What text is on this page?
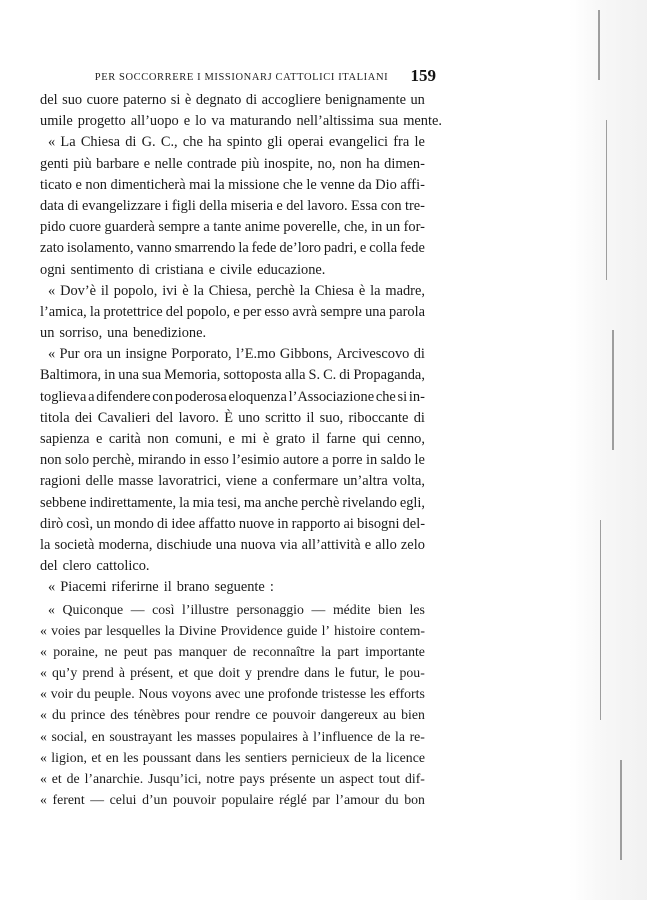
PER SOCCORRERE I MISSIONARJ CATTOLICI ITALIANI	159
del suo cuore paterno si è degnato di accogliere benignamente un
umile progetto all’uopo e lo va maturando nell’altissima sua mente.
« La Chiesa di G. C., che ha spinto gli operai evangelici fra le
genti più barbare e nelle contrade più inospite, no, non ha dimen-
ticato e non dimenticherà mai la missione che le venne da Dio affi-
data di evangelizzare i figli della miseria e del lavoro. Essa con tre-
pido cuore guarderà sempre a tante anime poverelle, che, in un for-
zato isolamento, vanno smarrendo la fede de’loro padri, e colla fede
ogni sentimento di cristiana e civile educazione.
« Dov’è il popolo, ivi è la Chiesa, perchè la Chiesa è la madre,
l’amica, la protettrice del popolo, e per esso avrà sempre una parola
un sorriso, una benedizione.
« Pur ora un insigne Porporato, l’E.mo Gibbons, Arcivescovo di
Baltimora, in una sua Memoria, sottoposta alla S. C. di Propaganda,
toglieva a difendere con poderosa eloquenza l’Associazione che si in-
titola dei Cavalieri del lavoro. È uno scritto il suo, riboccante di
sapienza e carità non comuni, e mi è grato il farne qui cenno,
non solo perchè, mirando in esso l’esimio autore a porre in saldo le
ragioni delle masse lavoratrici, viene a confermare un’altra volta,
sebbene indirettamente, la mia tesi, ma anche perchè rivelando egli,
dirò così, un mondo di idee affatto nuove in rapporto ai bisogni del-
la società moderna, dischiude una nuova via all’attività e allo zelo
del clero cattolico.
« Piacemi riferirne il brano seguente :
« Quiconque — così l’illustre personaggio — médite bien les
« voies par lesquelles la Divine Providence guide l’ histoire contem-
« poraine, ne peut pas manquer de reconnaître la part importante
« qu’y prend à présent, et que doit y prendre dans le futur, le pou-
« voir du peuple. Nous voyons avec une profonde tristesse les efforts
« du prince des ténèbres pour rendre ce pouvoir dangereux au bien
« social, en soustrayant les masses populaires à l’influence de la re-
« ligion, et en les poussant dans les sentiers pernicieux de la licence
« et de l’anarchie. Jusqu’ici, notre pays présente un aspect tout dif-
« ferent — celui d’un pouvoir populaire réglé par l’amour du bon
